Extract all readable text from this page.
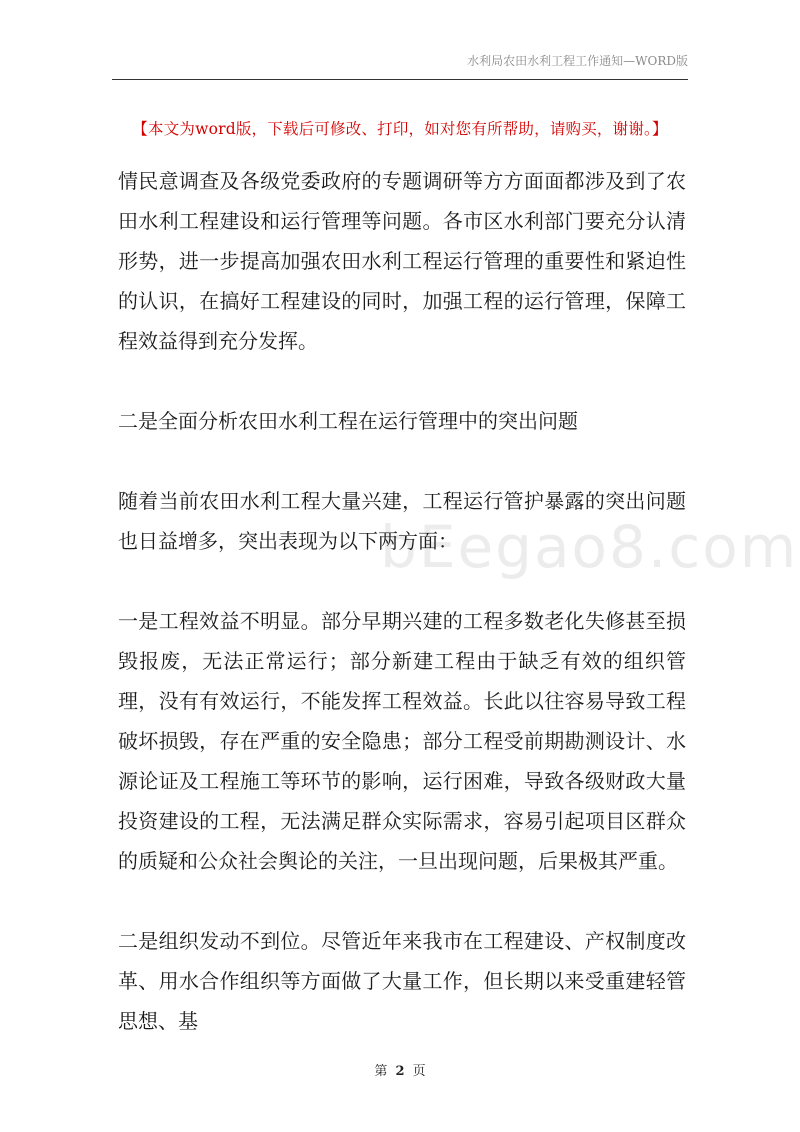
水利局农田水利工程工作通知—WORD版
【本文为word版，下载后可修改、打印，如对您有所帮助，请购买，谢谢。】
bEegao8.com

情民意调查及各级党委政府的专题调研等方方面面都涉及到了农田水利工程建设和运行管理等问题。各市区水利部门要充分认清形势，进一步提高加强农田水利工程运行管理的重要性和紧迫性的认识，在搞好工程建设的同时，加强工程的运行管理，保障工程效益得到充分发挥。

二是全面分析农田水利工程在运行管理中的突出问题

随着当前农田水利工程大量兴建，工程运行管护暴露的突出问题也日益增多，突出表现为以下两方面：

一是工程效益不明显。部分早期兴建的工程多数老化失修甚至损毁报废，无法正常运行；部分新建工程由于缺乏有效的组织管理，没有有效运行，不能发挥工程效益。长此以往容易导致工程破坏损毁，存在严重的安全隐患；部分工程受前期勘测设计、水源论证及工程施工等环节的影响，运行困难，导致各级财政大量投资建设的工程，无法满足群众实际需求，容易引起项目区群众的质疑和公众社会舆论的关注，一旦出现问题，后果极其严重。

二是组织发动不到位。尽管近年来我市在工程建设、产权制度改革、用水合作组织等方面做了大量工作，但长期以来受重建轻管思想、基

第 2 页
